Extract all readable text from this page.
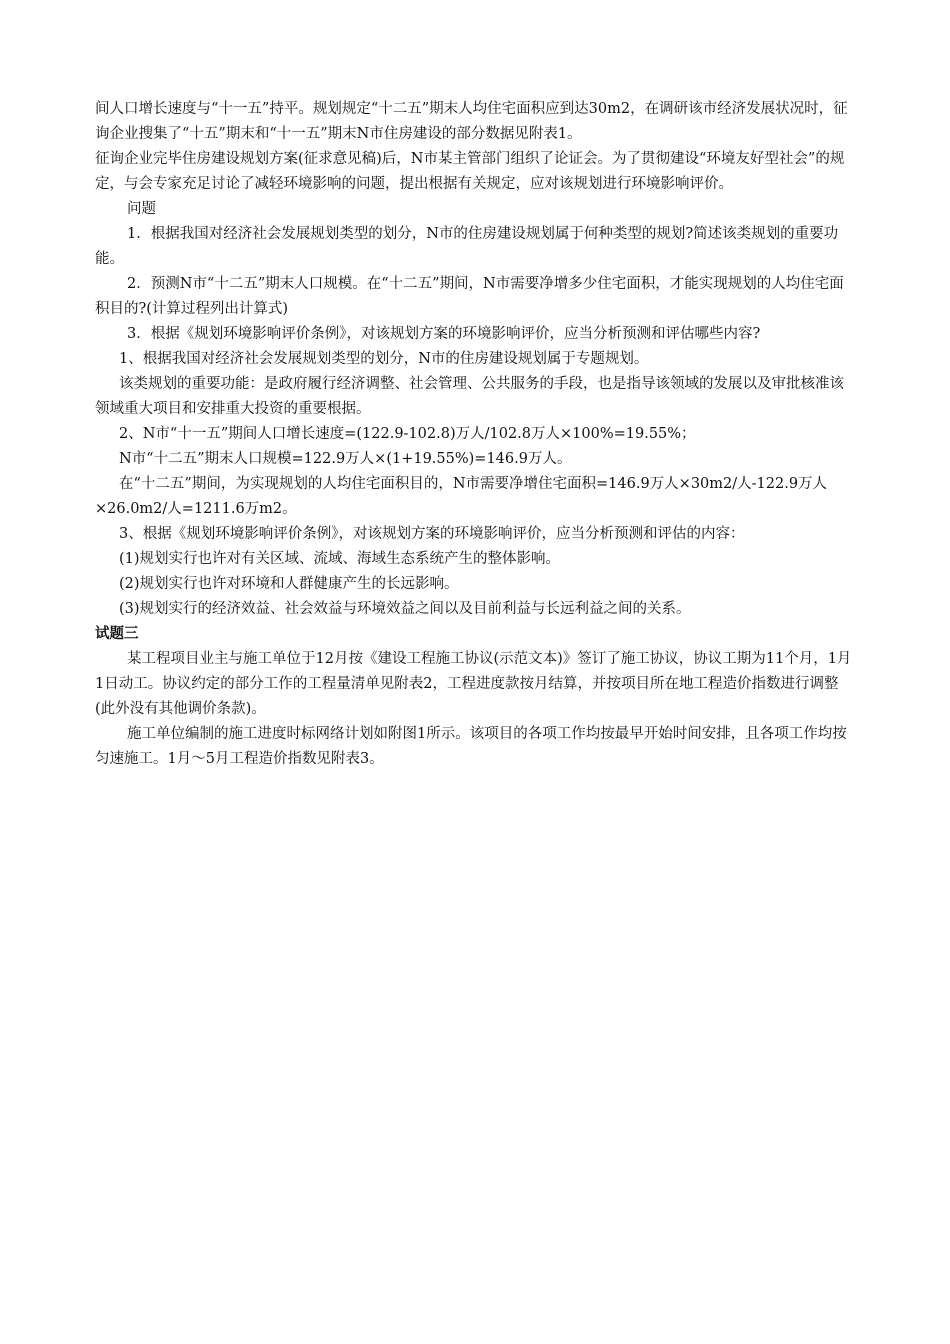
间人口增长速度与“十一五”持平。规划规定“十二五”期末人均住宅面积应到达30m2，在调研该市经济发展状况时，征询企业搜集了“十五”期末和“十一五”期末N市住房建设的部分数据见附表1。

征询企业完毕住房建设规划方案(征求意见稿)后，N市某主管部门组织了论证会。为了贯彻建设“环境友好型社会”的规定，与会专家充足讨论了减轻环境影响的问题，提出根据有关规定，应对该规划进行环境影响评价。

问题

1．根据我国对经济社会发展规划类型的划分，N市的住房建设规划属于何种类型的规划?简述该类规划的重要功能。

2．预测N市“十二五”期末人口规模。在“十二五”期间，N市需要净增多少住宅面积，才能实现规划的人均住宅面积目的?(计算过程列出计算式)

3．根据《规划环境影响评价条例》，对该规划方案的环境影响评价，应当分析预测和评估哪些内容?

1、根据我国对经济社会发展规划类型的划分，N市的住房建设规划属于专题规划。

该类规划的重要功能：是政府履行经济调整、社会管理、公共服务的手段，也是指导该领域的发展以及审批核准该领域重大项目和安排重大投资的重要根据。

2、N市“十一五”期间人口增长速度=(122.9-102.8)万人/102.8万人×100%=19.55%；

N市“十二五”期末人口规模=122.9万人×(1+19.55%)=146.9万人。

在“十二五”期间，为实现规划的人均住宅面积目的，N市需要净增住宅面积=146.9万人×30m2/人-122.9万人×26.0m2/人=1211.6万m2。

3、根据《规划环境影响评价条例》，对该规划方案的环境影响评价，应当分析预测和评估的内容：

(1)规划实行也许对有关区域、流域、海域生态系统产生的整体影响。

(2)规划实行也许对环境和人群健康产生的长远影响。

(3)规划实行的经济效益、社会效益与环境效益之间以及目前利益与长远利益之间的关系。

试题三

某工程项目业主与施工单位于12月按《建设工程施工协议(示范文本)》签订了施工协议，协议工期为11个月，1月1日动工。协议约定的部分工作的工程量清单见附表2，工程进度款按月结算，并按项目所在地工程造价指数进行调整(此外没有其他调价条款)。

施工单位编制的施工进度时标网络计划如附图1所示。该项目的各项工作均按最早开始时间安排，且各项工作均按匀速施工。1月～5月工程造价指数见附表3。
